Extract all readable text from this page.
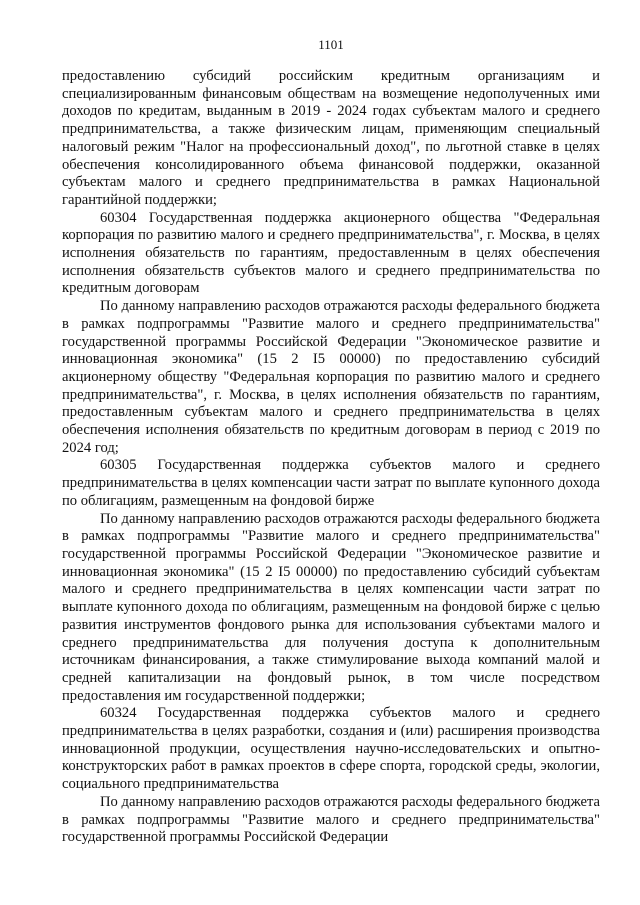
1101

предоставлению субсидий российским кредитным организациям и специализированным финансовым обществам на возмещение недополученных ими доходов по кредитам, выданным в 2019 - 2024 годах субъектам малого и среднего предпринимательства, а также физическим лицам, применяющим специальный налоговый режим "Налог на профессиональный доход", по льготной ставке в целях обеспечения консолидированного объема финансовой поддержки, оказанной субъектам малого и среднего предпринимательства в рамках Национальной гарантийной поддержки;

60304 Государственная поддержка акционерного общества "Федеральная корпорация по развитию малого и среднего предпринимательства", г. Москва, в целях исполнения обязательств по гарантиям, предоставленным в целях обеспечения исполнения обязательств субъектов малого и среднего предпринимательства по кредитным договорам

По данному направлению расходов отражаются расходы федерального бюджета в рамках подпрограммы "Развитие малого и среднего предпринимательства" государственной программы Российской Федерации "Экономическое развитие и инновационная экономика" (15 2 I5 00000) по предоставлению субсидий акционерному обществу "Федеральная корпорация по развитию малого и среднего предпринимательства", г. Москва, в целях исполнения обязательств по гарантиям, предоставленным субъектам малого и среднего предпринимательства в целях обеспечения исполнения обязательств по кредитным договорам в период с 2019 по 2024 год;

60305 Государственная поддержка субъектов малого и среднего предпринимательства в целях компенсации части затрат по выплате купонного дохода по облигациям, размещенным на фондовой бирже

По данному направлению расходов отражаются расходы федерального бюджета в рамках подпрограммы "Развитие малого и среднего предпринимательства" государственной программы Российской Федерации "Экономическое развитие и инновационная экономика" (15 2 I5 00000) по предоставлению субсидий субъектам малого и среднего предпринимательства в целях компенсации части затрат по выплате купонного дохода по облигациям, размещенным на фондовой бирже с целью развития инструментов фондового рынка для использования субъектами малого и среднего предпринимательства для получения доступа к дополнительным источникам финансирования, а также стимулирование выхода компаний малой и средней капитализации на фондовый рынок, в том числе посредством предоставления им государственной поддержки;

60324 Государственная поддержка субъектов малого и среднего предпринимательства в целях разработки, создания и (или) расширения производства инновационной продукции, осуществления научно-исследовательских и опытно-конструкторских работ в рамках проектов в сфере спорта, городской среды, экологии, социального предпринимательства

По данному направлению расходов отражаются расходы федерального бюджета в рамках подпрограммы "Развитие малого и среднего предпринимательства" государственной программы Российской Федерации
